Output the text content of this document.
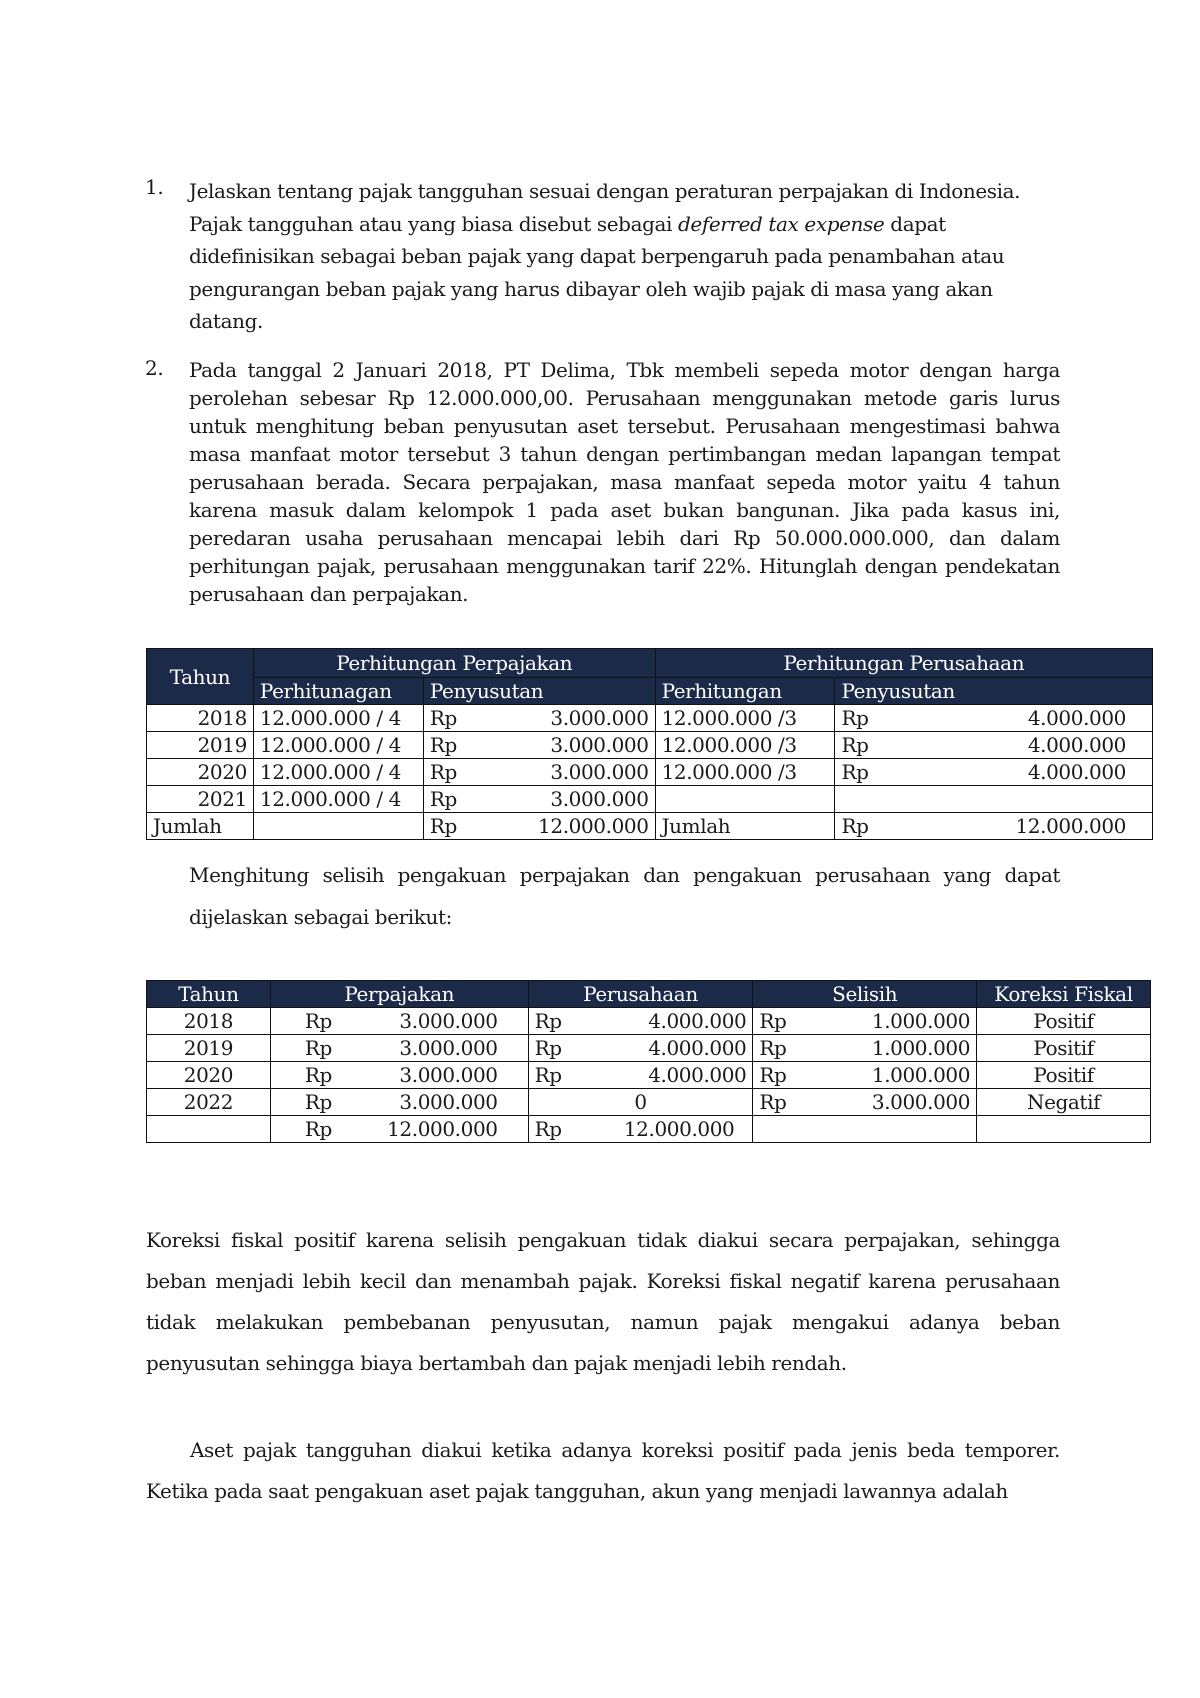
1. Jelaskan tentang pajak tangguhan sesuai dengan peraturan perpajakan di Indonesia.

Pajak tangguhan atau yang biasa disebut sebagai deferred tax expense dapat didefinisikan sebagai beban pajak yang dapat berpengaruh pada penambahan atau pengurangan beban pajak yang harus dibayar oleh wajib pajak di masa yang akan datang.

2. Pada tanggal 2 Januari 2018, PT Delima, Tbk membeli sepeda motor dengan harga perolehan sebesar Rp 12.000.000,00. Perusahaan menggunakan metode garis lurus untuk menghitung beban penyusutan aset tersebut. Perusahaan mengestimasi bahwa masa manfaat motor tersebut 3 tahun dengan pertimbangan medan lapangan tempat perusahaan berada. Secara perpajakan, masa manfaat sepeda motor yaitu 4 tahun karena masuk dalam kelompok 1 pada aset bukan bangunan. Jika pada kasus ini, peredaran usaha perusahaan mencapai lebih dari Rp 50.000.000.000, dan dalam perhitungan pajak, perusahaan menggunakan tarif 22%. Hitunglah dengan pendekatan perusahaan dan perpajakan.

Tahun	Perhitungan Perpajakan		Perhitungan Perusahaan	
	Perhitunagan	Penyusutan	Perhitungan	Penyusutan
2018	12.000.000 / 4	Rp 3.000.000	12.000.000 /3	Rp 4.000.000

2019	12.000.000 / 4	Rp 3.000.000	12.000.000 /3	Rp 4.000.000

2020	12.000.000 / 4	Rp 3.000.000	12.000.000 /3	Rp 4.000.000

2021	12.000.000 / 4	Rp 3.000.000		

Jumlah		Rp 12.000.000	Jumlah	Rp 12.000.000

Menghitung selisih pengakuan perpajakan dan pengakuan perusahaan yang dapat dijelaskan sebagai berikut:

Tahun	Perpajakan	Perusahaan	Selisih	Koreksi Fiskal
2018	Rp 3.000.000	Rp 4.000.000	Rp 1.000.000	Positif
2019	Rp 3.000.000	Rp 4.000.000	Rp 1.000.000	Positif
2020	Rp 3.000.000	Rp 4.000.000	Rp 1.000.000	Positif
2022	Rp 3.000.000	0	Rp 3.000.000	Negatif

	Rp 12.000.000	Rp 12.000.000		

Koreksi fiskal positif karena selisih pengakuan tidak diakui secara perpajakan, sehingga beban menjadi lebih kecil dan menambah pajak. Koreksi fiskal negatif karena perusahaan tidak melakukan pembebanan penyusutan, namun pajak mengakui adanya beban penyusutan sehingga biaya bertambah dan pajak menjadi lebih rendah.

Aset pajak tangguhan diakui ketika adanya koreksi positif pada jenis beda temporer. Ketika pada saat pengakuan aset pajak tangguhan, akun yang menjadi lawannya adalah
